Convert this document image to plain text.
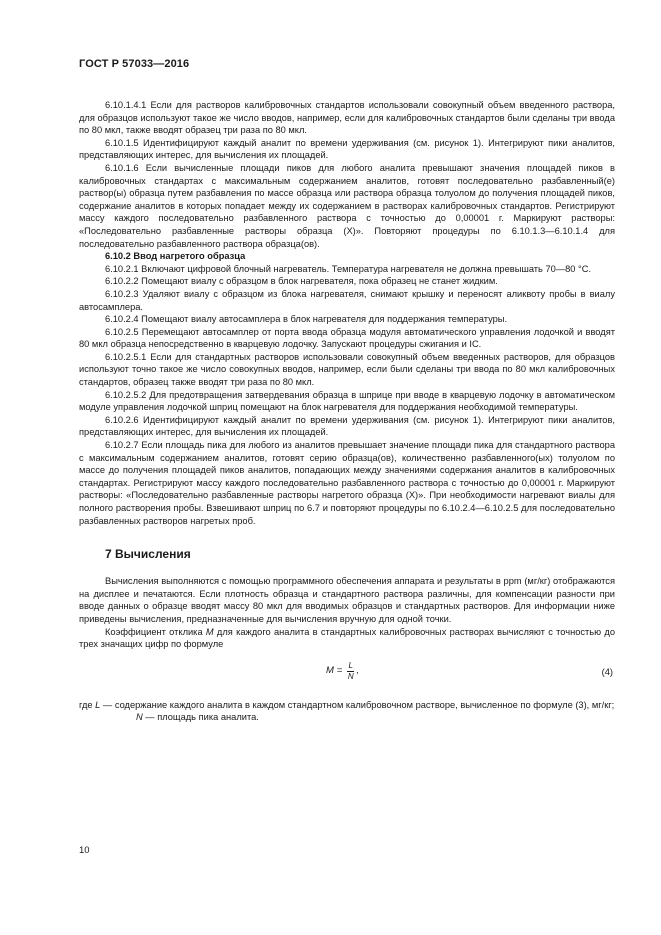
ГОСТ Р 57033—2016

6.10.1.4.1 Если для растворов калибровочных стандартов использовали совокупный объем введенного раствора, для образцов используют такое же число вводов, например, если для калибровочных стандартов были сделаны три ввода по 80 мкл, также вводят образец три раза по 80 мкл.

6.10.1.5 Идентифицируют каждый аналит по времени удерживания (см. рисунок 1). Интегрируют пики аналитов, представляющих интерес, для вычисления их площадей.

6.10.1.6 Если вычисленные площади пиков для любого аналита превышают значения площадей пиков в калибровочных стандартах с максимальным содержанием аналитов, готовят последовательно разбавленный(е) раствор(ы) образца путем разбавления по массе образца или раствора образца толуолом до получения площадей пиков, содержание аналитов в которых попадает между их содержанием в растворах калибровочных стандартов. Регистрируют массу каждого последовательно разбавленного раствора с точностью до 0,00001 г. Маркируют растворы: «Последовательно разбавленные растворы образца (Х)». Повторяют процедуры по 6.10.1.3—6.10.1.4 для последовательно разбавленного раствора образца(ов).

6.10.2 Ввод нагретого образца

6.10.2.1 Включают цифровой блочный нагреватель. Температура нагревателя не должна превышать 70—80 °С.

6.10.2.2 Помещают виалу с образцом в блок нагревателя, пока образец не станет жидким.

6.10.2.3 Удаляют виалу с образцом из блока нагревателя, снимают крышку и переносят аликвоту пробы в виалу автосамплера.

6.10.2.4 Помещают виалу автосамплера в блок нагревателя для поддержания температуры.

6.10.2.5 Перемещают автосамплер от порта ввода образца модуля автоматического управления лодочкой и вводят 80 мкл образца непосредственно в кварцевую лодочку. Запускают процедуры сжигания и IC.

6.10.2.5.1 Если для стандартных растворов использовали совокупный объем введенных растворов, для образцов используют точно такое же число совокупных вводов, например, если были сделаны три ввода по 80 мкл калибровочных стандартов, образец также вводят три раза по 80 мкл.

6.10.2.5.2 Для предотвращения затвердевания образца в шприце при вводе в кварцевую лодочку в автоматическом модуле управления лодочкой шприц помещают на блок нагревателя для поддержания необходимой температуры.

6.10.2.6 Идентифицируют каждый аналит по времени удерживания (см. рисунок 1). Интегрируют пики аналитов, представляющих интерес, для вычисления их площадей.

6.10.2.7 Если площадь пика для любого из аналитов превышает значение площади пика для стандартного раствора с максимальным содержанием аналитов, готовят серию образца(ов), количественно разбавленного(ых) толуолом по массе до получения площадей пиков аналитов, попадающих между значениями содержания аналитов в калибровочных стандартах. Регистрируют массу каждого последовательно разбавленного раствора с точностью до 0,00001 г. Маркируют растворы: «Последовательно разбавленные растворы нагретого образца (Х)». При необходимости нагревают виалы для полного растворения пробы. Взвешивают шприц по 6.7 и повторяют процедуры по 6.10.2.4—6.10.2.5 для последовательно разбавленных растворов нагретых проб.

7 Вычисления

Вычисления выполняются с помощью программного обеспечения аппарата и результаты в ppm (мг/кг) отображаются на дисплее и печатаются. Если плотность образца и стандартного раствора различны, для компенсации разности при вводе данных о образце вводят массу 80 мкл для вводимых образцов и стандартных растворов. Для информации ниже приведены вычисления, предназначенные для вычисления вручную для одной точки.

Коэффициент отклика M для каждого аналита в стандартных калибровочных растворах вычисляют с точностью до трех значащих цифр по формуле

$M = \frac{L}{N}$ ,	(4)

где L — содержание каждого аналита в каждом стандартном калибровочном растворе, вычисленное по формуле (3), мг/кг;

N — площадь пика аналита.

10
